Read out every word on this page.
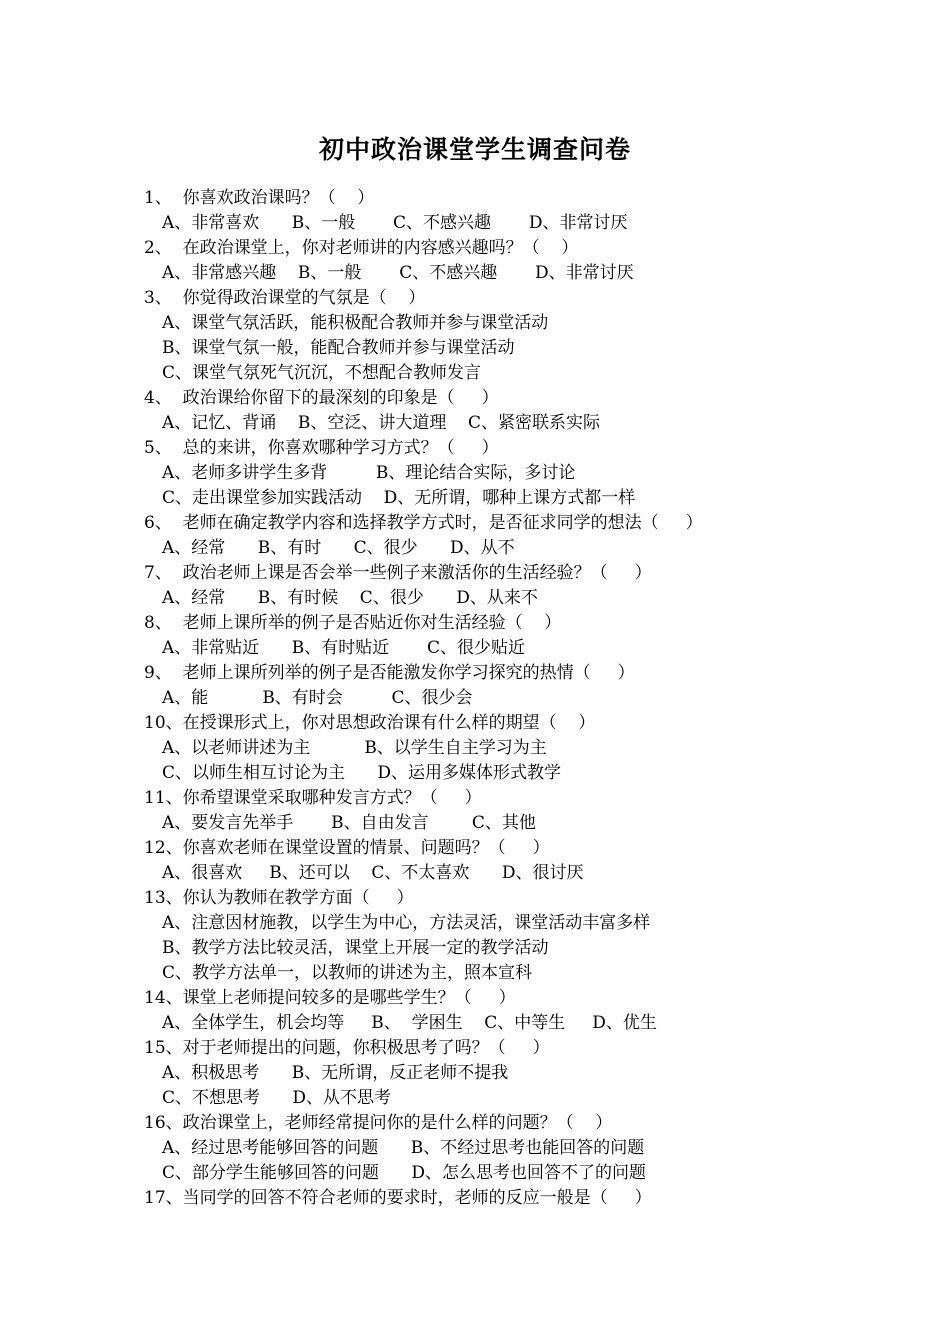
初中政治课堂学生调查问卷
1、  你喜欢政治课吗？（    ）
A、非常喜欢      B、一般       C、不感兴趣       D、非常讨厌
2、  在政治课堂上，你对老师讲的内容感兴趣吗？（    ）
A、非常感兴趣    B、一般       C、不感兴趣       D、非常讨厌
3、  你觉得政治课堂的气氛是（    ）
A、课堂气氛活跃，能积极配合教师并参与课堂活动
B、课堂气氛一般，能配合教师并参与课堂活动
C、课堂气氛死气沉沉，不想配合教师发言
4、  政治课给你留下的最深刻的印象是（     ）
A、记忆、背诵    B、空泛、讲大道理    C、紧密联系实际
5、  总的来讲，你喜欢哪种学习方式？（     ）
A、老师多讲学生多背         B、理论结合实际，多讨论
C、走出课堂参加实践活动    D、无所谓，哪种上课方式都一样
6、  老师在确定教学内容和选择教学方式时，是否征求同学的想法（     ）
A、经常      B、有时      C、很少      D、从不
7、  政治老师上课是否会举一些例子来激活你的生活经验？（     ）
A、经常      B、有时候    C、很少      D、从来不
8、  老师上课所举的例子是否贴近你对生活经验（    ）
A、非常贴近      B、有时贴近       C、很少贴近
9、  老师上课所列举的例子是否能激发你学习探究的热情（     ）
A、能          B、有时会         C、很少会
10、在授课形式上，你对思想政治课有什么样的期望（    ）
A、以老师讲述为主          B、以学生自主学习为主
C、以师生相互讨论为主      D、运用多媒体形式教学
11、你希望课堂采取哪种发言方式？（     ）
A、要发言先举手       B、自由发言        C、其他
12、你喜欢老师在课堂设置的情景、问题吗？（     ）
A、很喜欢     B、还可以    C、不太喜欢      D、很讨厌
13、你认为教师在教学方面（     ）
A、注意因材施教，以学生为中心，方法灵活，课堂活动丰富多样
B、教学方法比较灵活，课堂上开展一定的教学活动
C、教学方法单一，以教师的讲述为主，照本宣科
14、课堂上老师提问较多的是哪些学生？（     ）
A、全体学生，机会均等     B、  学困生    C、中等生     D、优生
15、对于老师提出的问题，你积极思考了吗？（     ）
A、积极思考      B、无所谓，反正老师不提我
C、不想思考      D、从不思考
16、政治课堂上，老师经常提问你的是什么样的问题？（    ）
A、经过思考能够回答的问题      B、不经过思考也能回答的问题
C、部分学生能够回答的问题      D、怎么思考也回答不了的问题
17、当同学的回答不符合老师的要求时，老师的反应一般是（     ）
